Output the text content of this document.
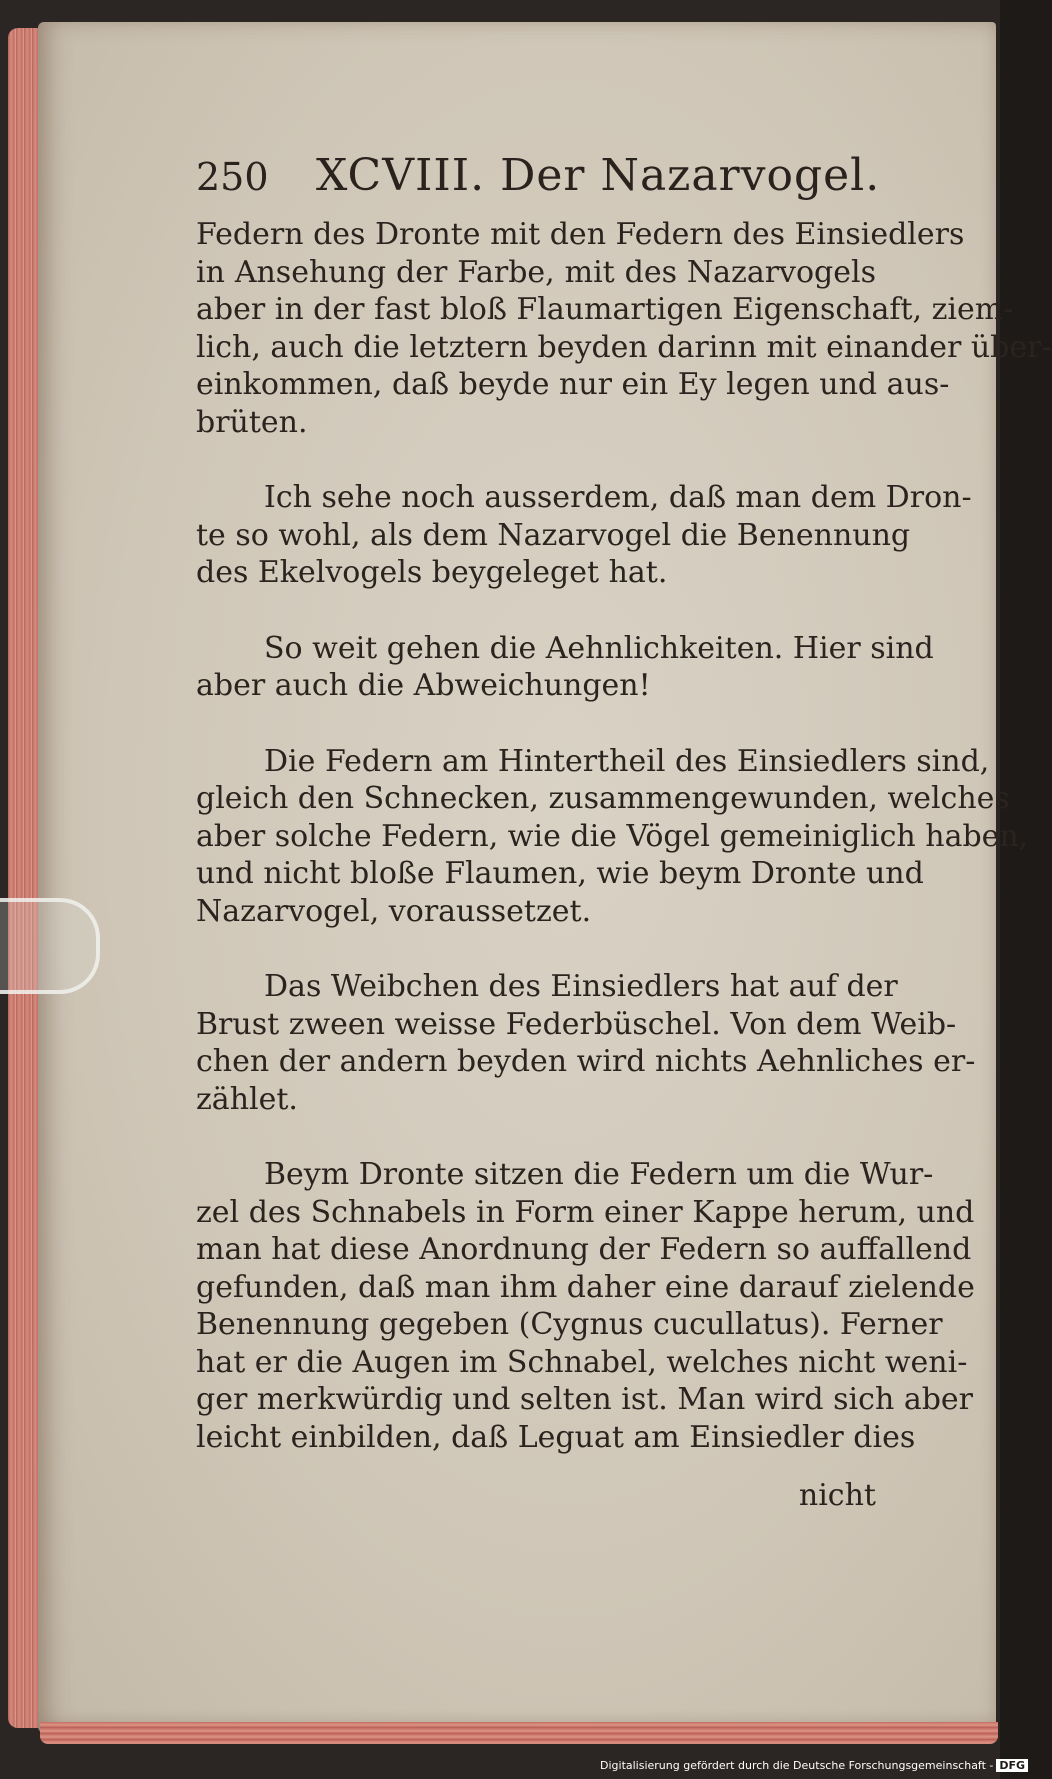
250	XCVIII. Der Nazarvogel.

Federn des Dronte mit den Federn des Einsiedlers
in Ansehung der Farbe, mit des Nazarvogels
aber in der fast bloß Flaumartigen Eigenschaft, ziem-
lich, auch die letztern beyden darinn mit einander über-
einkommen, daß beyde nur ein Ey legen und aus-
brüten.

Ich sehe noch ausserdem, daß man dem Dron-
te so wohl, als dem Nazarvogel die Benennung
des Ekelvogels beygeleget hat.

So weit gehen die Aehnlichkeiten. Hier sind
aber auch die Abweichungen!

Die Federn am Hintertheil des Einsiedlers sind,
gleich den Schnecken, zusammengewunden, welches
aber solche Federn, wie die Vögel gemeiniglich haben,
und nicht bloße Flaumen, wie beym Dronte und
Nazarvogel, voraussetzet.

Das Weibchen des Einsiedlers hat auf der
Brust zween weisse Federbüschel. Von dem Weib-
chen der andern beyden wird nichts Aehnliches er-
zählet.

Beym Dronte sitzen die Federn um die Wur-
zel des Schnabels in Form einer Kappe herum, und
man hat diese Anordnung der Federn so auffallend
gefunden, daß man ihm daher eine darauf zielende
Benennung gegeben (Cygnus cucullatus). Ferner
hat er die Augen im Schnabel, welches nicht weni-
ger merkwürdig und selten ist. Man wird sich aber
leicht einbilden, daß Leguat am Einsiedler dies

nicht
Digitalisierung gefördert durch die Deutsche Forschungsgemeinschaft - DFG
